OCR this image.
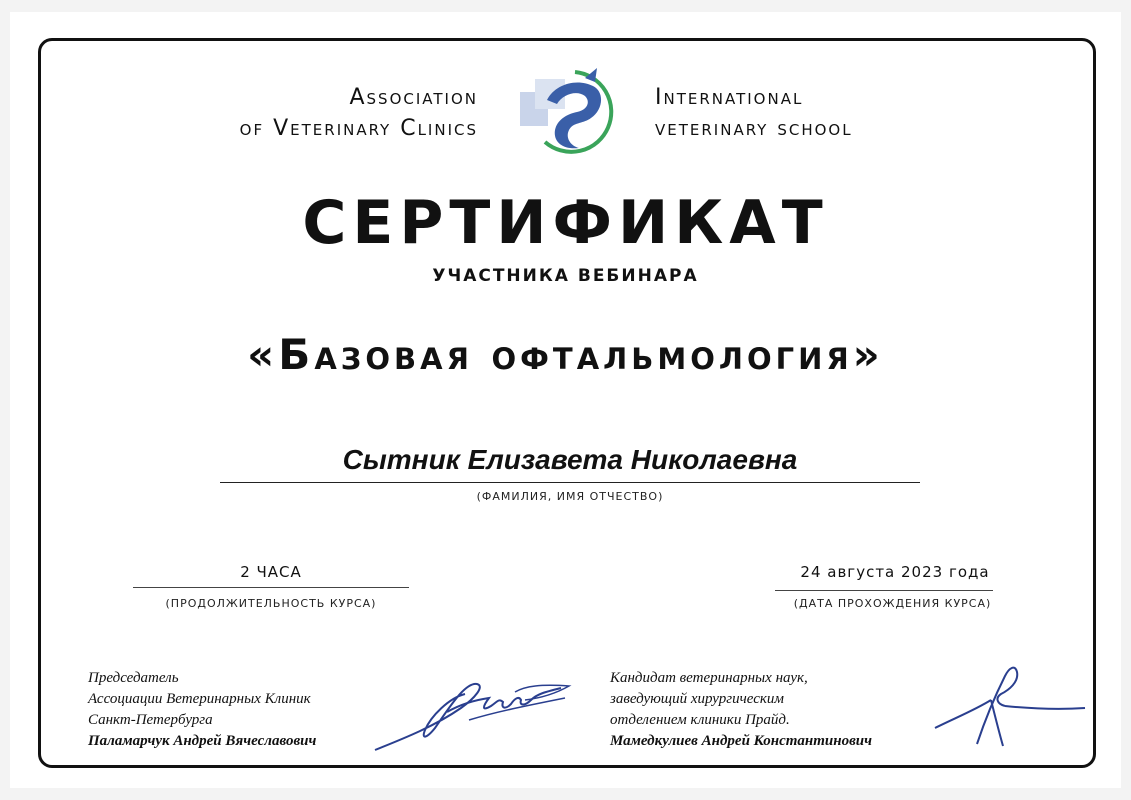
Association
of Veterinary Clinics
International
veterinary school
СЕРТИФИКАТ
УЧАСТНИКА ВЕБИНАРА
«Базовая офтальмология»
Сытник Елизавета Николаевна
(ФАМИЛИЯ, ИМЯ ОТЧЕСТВО)
2 ЧАСА
(ПРОДОЛЖИТЕЛЬНОСТЬ КУРСА)
24 августа 2023 года
(ДАТА ПРОХОЖДЕНИЯ КУРСА)
Председатель
Ассоциации Ветеринарных Клиник
Санкт-Петербурга
Паламарчук Андрей Вячеславович
Кандидат ветеринарных наук,
заведующий хирургическим
отделением клиники Прайд.
Мамедкулиев Андрей Константинович
